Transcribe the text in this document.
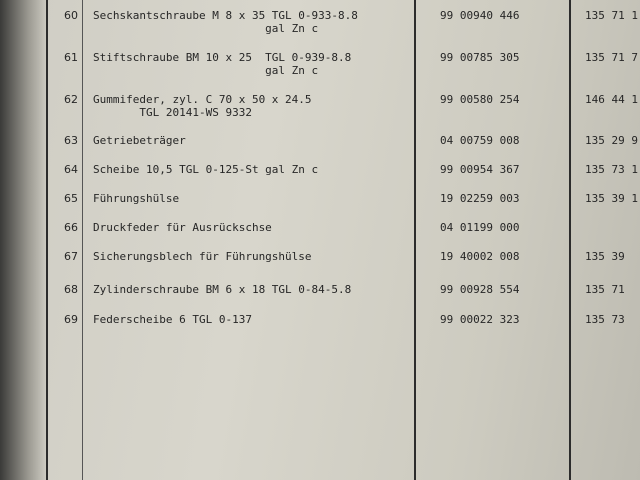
60 Sechskantschraube M 8 x 35 TGL 0-933-8.8
gal Zn c
99 00940 446	135 71 1
61 Stiftschraube BM 10 x 25  TGL 0-939-8.8
gal Zn c
99 00785 305	135 71 7
62 Gummifeder, zyl. C 70 x 50 x 24.5
TGL 20141-WS 9332
99 00580 254	146 44 1
63 Getriebeträger	04 00759 008	135 29 9
64 Scheibe 10,5 TGL 0-125-St gal Zn c	99 00954 367	135 73 1
65 Führungshülse	19 02259 003	135 39 1
66 Druckfeder für Ausrückschse	04 01199 000
67 Sicherungsblech für Führungshülse	19 40002 008	135 39
68 Zylinderschraube BM 6 x 18 TGL 0-84-5.8	99 00928 554	135 71
69 Federscheibe 6 TGL 0-137	99 00022 323	135 73
